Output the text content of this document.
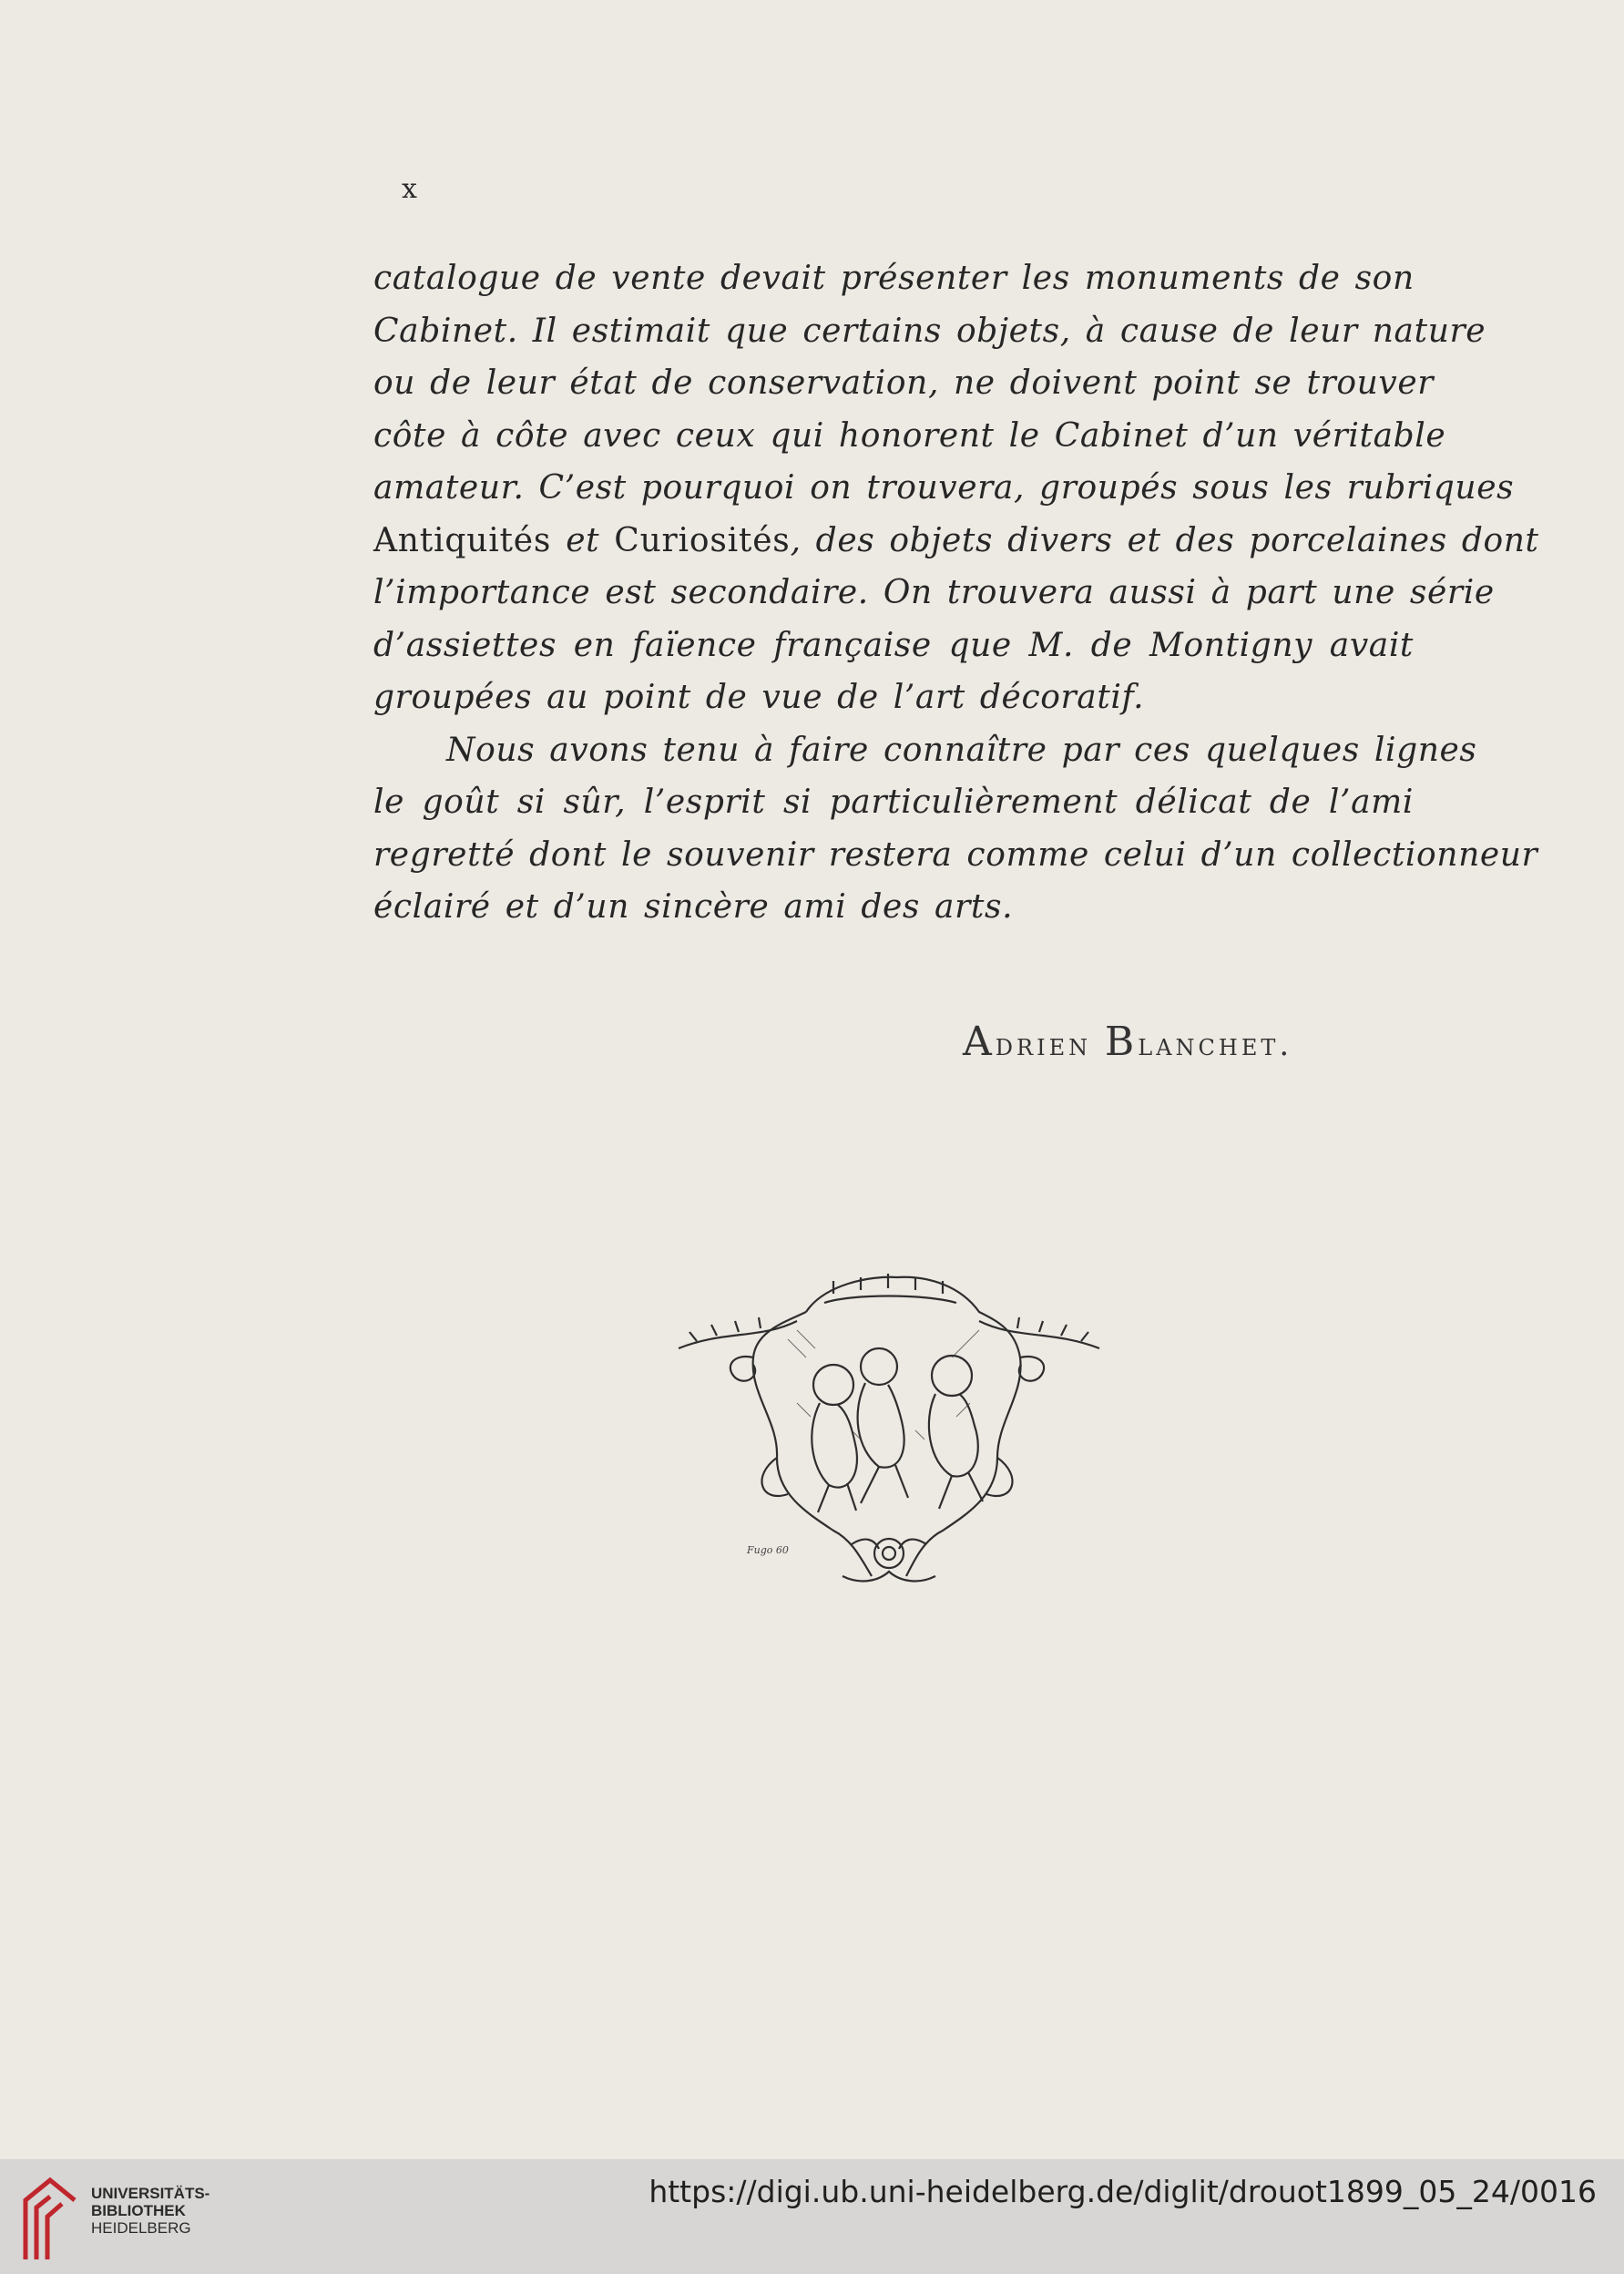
x
catalogue de vente devait présenter les monuments de son
Cabinet. Il estimait que certains objets, à cause de leur nature
ou de leur état de conservation, ne doivent point se trouver
côte à côte avec ceux qui honorent le Cabinet d’un véritable
amateur. C’est pourquoi on trouvera, groupés sous les rubriques
Antiquités et Curiosités, des objets divers et des porcelaines dont
l’importance est secondaire. On trouvera aussi à part une série
d’assiettes en faïence française que M. de Montigny avait
groupées au point de vue de l’art décoratif.
Nous avons tenu à faire connaître par ces quelques lignes
le goût si sûr, l’esprit si particulièrement délicat de l’ami
regretté dont le souvenir restera comme celui d’un collectionneur
éclairé et d’un sincère ami des arts.
Adrien Blanchet.
Fugo 60
UNIVERSITÄTS-
BIBLIOTHEK
HEIDELBERG
https://digi.ub.uni-heidelberg.de/diglit/drouot1899_05_24/0016
